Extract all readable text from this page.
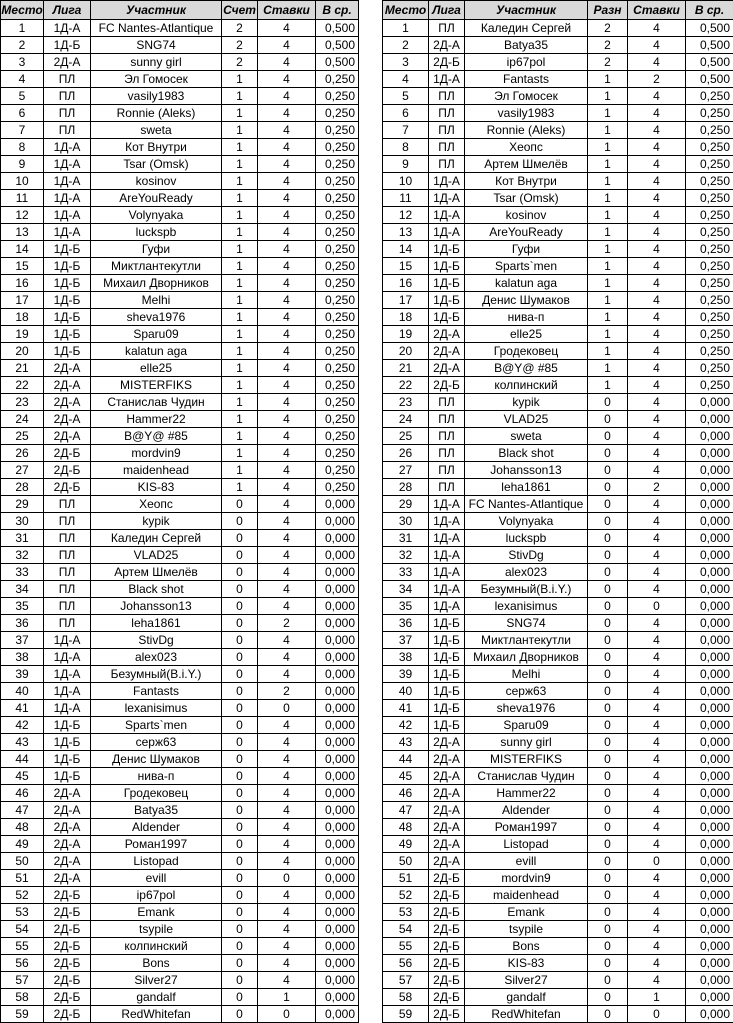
Место	Лига	Участник	Счет	Ставки	В ср.
1	1Д-А	FC Nantes-Atlantique	2	4	0,500
2	1Д-Б	SNG74	2	4	0,500
3	2Д-А	sunny girl	2	4	0,500
4	ПЛ	Эл Гомосек	1	4	0,250
5	ПЛ	vasily1983	1	4	0,250
6	ПЛ	Ronnie (Aleks)	1	4	0,250
7	ПЛ	sweta	1	4	0,250
8	1Д-А	Кот Внутри	1	4	0,250
9	1Д-А	Tsar (Omsk)	1	4	0,250
10	1Д-А	kosinov	1	4	0,250
11	1Д-А	AreYouReady	1	4	0,250
12	1Д-А	Volynyaka	1	4	0,250
13	1Д-А	luckspb	1	4	0,250
14	1Д-Б	Гуфи	1	4	0,250
15	1Д-Б	Миктлантекутли	1	4	0,250
16	1Д-Б	Михаил Дворников	1	4	0,250
17	1Д-Б	Melhi	1	4	0,250
18	1Д-Б	sheva1976	1	4	0,250
19	1Д-Б	Sparu09	1	4	0,250
20	1Д-Б	kalatun aga	1	4	0,250
21	2Д-А	elle25	1	4	0,250
22	2Д-А	MISTERFIKS	1	4	0,250
23	2Д-А	Станислав Чудин	1	4	0,250
24	2Д-А	Hammer22	1	4	0,250
25	2Д-А	B@Y@ #85	1	4	0,250
26	2Д-Б	mordvin9	1	4	0,250
27	2Д-Б	maidenhead	1	4	0,250
28	2Д-Б	KIS-83	1	4	0,250
29	ПЛ	Хеопс	0	4	0,000
30	ПЛ	kypik	0	4	0,000
31	ПЛ	Каледин Сергей	0	4	0,000
32	ПЛ	VLAD25	0	4	0,000
33	ПЛ	Артем Шмелёв	0	4	0,000
34	ПЛ	Black shot	0	4	0,000
35	ПЛ	Johansson13	0	4	0,000
36	ПЛ	leha1861	0	2	0,000
37	1Д-А	StivDg	0	4	0,000
38	1Д-А	alex023	0	4	0,000
39	1Д-А	Безумный(B.i.Y.)	0	4	0,000
40	1Д-А	Fantasts	0	2	0,000
41	1Д-А	lexanisimus	0	0	0,000
42	1Д-Б	Sparts`men	0	4	0,000
43	1Д-Б	серж63	0	4	0,000
44	1Д-Б	Денис Шумаков	0	4	0,000
45	1Д-Б	нива-п	0	4	0,000
46	2Д-А	Гродековец	0	4	0,000
47	2Д-А	Batya35	0	4	0,000
48	2Д-А	Aldender	0	4	0,000
49	2Д-А	Роман1997	0	4	0,000
50	2Д-А	Listopad	0	4	0,000
51	2Д-А	evill	0	0	0,000
52	2Д-Б	ip67pol	0	4	0,000
53	2Д-Б	Emank	0	4	0,000
54	2Д-Б	tsypile	0	4	0,000
55	2Д-Б	колпинский	0	4	0,000
56	2Д-Б	Bons	0	4	0,000
57	2Д-Б	Silver27	0	4	0,000
58	2Д-Б	gandalf	0	1	0,000
59	2Д-Б	RedWhitefan	0	0	0,000
Место	Лига	Участник	Разн	Ставки	В ср.
1	ПЛ	Каледин Сергей	2	4	0,500
2	2Д-А	Batya35	2	4	0,500
3	2Д-Б	ip67pol	2	4	0,500
4	1Д-А	Fantasts	1	2	0,500
5	ПЛ	Эл Гомосек	1	4	0,250
6	ПЛ	vasily1983	1	4	0,250
7	ПЛ	Ronnie (Aleks)	1	4	0,250
8	ПЛ	Хеопс	1	4	0,250
9	ПЛ	Артем Шмелёв	1	4	0,250
10	1Д-А	Кот Внутри	1	4	0,250
11	1Д-А	Tsar (Omsk)	1	4	0,250
12	1Д-А	kosinov	1	4	0,250
13	1Д-А	AreYouReady	1	4	0,250
14	1Д-Б	Гуфи	1	4	0,250
15	1Д-Б	Sparts`men	1	4	0,250
16	1Д-Б	kalatun aga	1	4	0,250
17	1Д-Б	Денис Шумаков	1	4	0,250
18	1Д-Б	нива-п	1	4	0,250
19	2Д-А	elle25	1	4	0,250
20	2Д-А	Гродековец	1	4	0,250
21	2Д-А	B@Y@ #85	1	4	0,250
22	2Д-Б	колпинский	1	4	0,250
23	ПЛ	kypik	0	4	0,000
24	ПЛ	VLAD25	0	4	0,000
25	ПЛ	sweta	0	4	0,000
26	ПЛ	Black shot	0	4	0,000
27	ПЛ	Johansson13	0	4	0,000
28	ПЛ	leha1861	0	2	0,000
29	1Д-А	FC Nantes-Atlantique	0	4	0,000
30	1Д-А	Volynyaka	0	4	0,000
31	1Д-А	luckspb	0	4	0,000
32	1Д-А	StivDg	0	4	0,000
33	1Д-А	alex023	0	4	0,000
34	1Д-А	Безумный(B.i.Y.)	0	4	0,000
35	1Д-А	lexanisimus	0	0	0,000
36	1Д-Б	SNG74	0	4	0,000
37	1Д-Б	Миктлантекутли	0	4	0,000
38	1Д-Б	Михаил Дворников	0	4	0,000
39	1Д-Б	Melhi	0	4	0,000
40	1Д-Б	серж63	0	4	0,000
41	1Д-Б	sheva1976	0	4	0,000
42	1Д-Б	Sparu09	0	4	0,000
43	2Д-А	sunny girl	0	4	0,000
44	2Д-А	MISTERFIKS	0	4	0,000
45	2Д-А	Станислав Чудин	0	4	0,000
46	2Д-А	Hammer22	0	4	0,000
47	2Д-А	Aldender	0	4	0,000
48	2Д-А	Роман1997	0	4	0,000
49	2Д-А	Listopad	0	4	0,000
50	2Д-А	evill	0	0	0,000
51	2Д-Б	mordvin9	0	4	0,000
52	2Д-Б	maidenhead	0	4	0,000
53	2Д-Б	Emank	0	4	0,000
54	2Д-Б	tsypile	0	4	0,000
55	2Д-Б	Bons	0	4	0,000
56	2Д-Б	KIS-83	0	4	0,000
57	2Д-Б	Silver27	0	4	0,000
58	2Д-Б	gandalf	0	1	0,000
59	2Д-Б	RedWhitefan	0	0	0,000
